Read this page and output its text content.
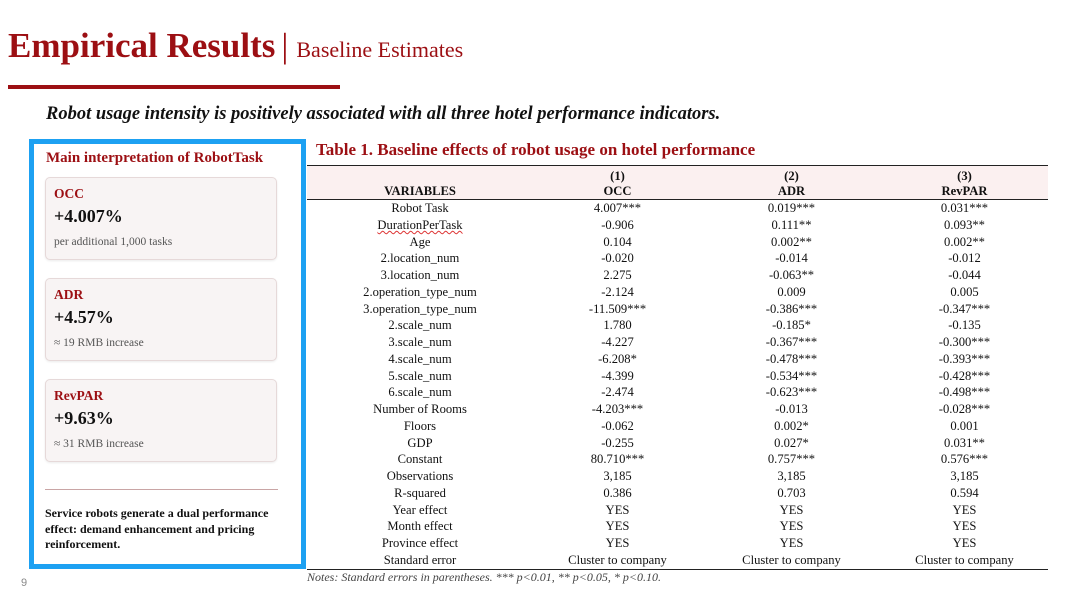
Empirical Results | Baseline Estimates
Robot usage intensity is positively associated with all three hotel performance indicators.
Main interpretation of RobotTask
OCC
+4.007%
per additional 1,000 tasks
ADR
+4.57%
≈ 19 RMB increase
RevPAR
+9.63%
≈ 31 RMB increase
Service robots generate a dual performance effect: demand enhancement and pricing reinforcement.
9
Table 1. Baseline effects of robot usage on hotel performance
	(1)	(2)	(3)
VARIABLES	OCC	ADR	RevPAR
Robot Task	4.007***	0.019***	0.031***
DurationPerTask	-0.906	0.111**	0.093**
Age	0.104	0.002**	0.002**
2.location_num	-0.020	-0.014	-0.012
3.location_num	2.275	-0.063**	-0.044
2.operation_type_num	-2.124	0.009	0.005
3.operation_type_num	-11.509***	-0.386***	-0.347***
2.scale_num	1.780	-0.185*	-0.135
3.scale_num	-4.227	-0.367***	-0.300***
4.scale_num	-6.208*	-0.478***	-0.393***
5.scale_num	-4.399	-0.534***	-0.428***
6.scale_num	-2.474	-0.623***	-0.498***
Number of Rooms	-4.203***	-0.013	-0.028***
Floors	-0.062	0.002*	0.001
GDP	-0.255	0.027*	0.031**
Constant	80.710***	0.757***	0.576***
Observations	3,185	3,185	3,185
R-squared	0.386	0.703	0.594
Year effect	YES	YES	YES
Month effect	YES	YES	YES
Province effect	YES	YES	YES
Standard error	Cluster to company	Cluster to company	Cluster to company
Notes: Standard errors in parentheses. *** p<0.01, ** p<0.05, * p<0.10.
